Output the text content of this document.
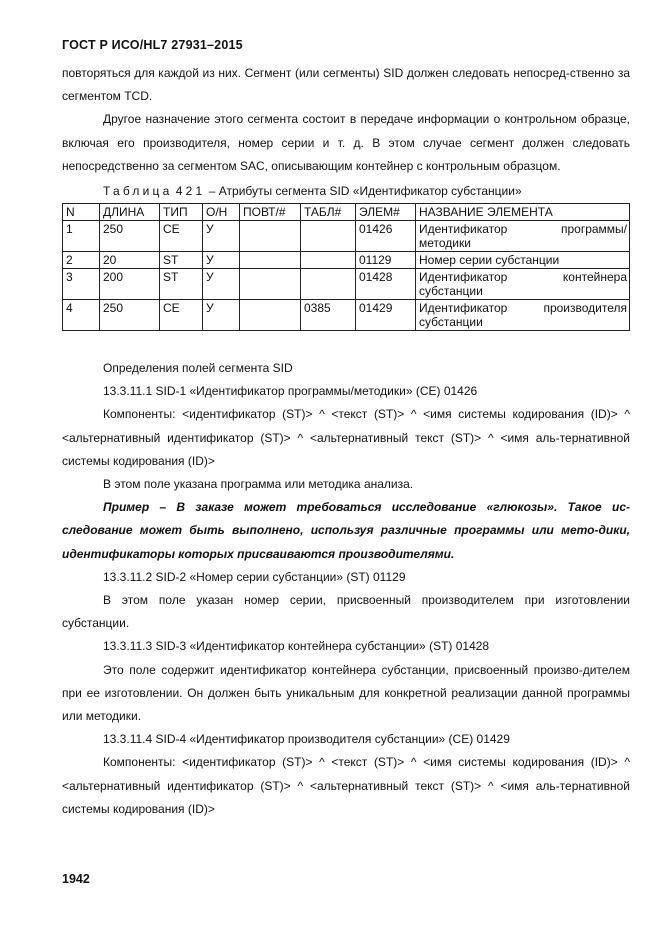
ГОСТ Р ИСО/HL7 27931–2015

повторяться для каждой из них. Сегмент (или сегменты) SID должен следовать непосред-ственно за сегментом TCD.

Другое назначение этого сегмента состоит в передаче информации о контрольном образце, включая его производителя, номер серии и т. д. В этом случае сегмент должен следовать непосредственно за сегментом SAC, описывающим контейнер с контрольным образцом.

Таблица 421 – Атрибуты сегмента SID «Идентификатор субстанции»

N	ДЛИНА	ТИП	О/Н	ПОВТ/#	ТАБЛ#	ЭЛЕМ#	НАЗВАНИЕ ЭЛЕМЕНТА
1	250	CE	У			01426	Идентификатор программы/методики
2	20	ST	У			01129	Номер серии субстанции
3	200	ST	У			01428	Идентификатор контейнера субстанции
4	250	CE	У		0385	01429	Идентификатор производителя субстанции

Определения полей сегмента SID

13.3.11.1 SID-1 «Идентификатор программы/методики» (CE) 01426

Компоненты: <идентификатор (ST)> ^ <текст (ST)> ^ <имя системы кодирования (ID)> ^ <альтернативный идентификатор (ST)> ^ <альтернативный текст (ST)> ^ <имя аль-тернативной системы кодирования (ID)>

В этом поле указана программа или методика анализа.

Пример – В заказе может требоваться исследование «глюкозы». Такое ис-следование может быть выполнено, используя различные программы или мето-дики, идентификаторы которых присваиваются производителями.

13.3.11.2 SID-2 «Номер серии субстанции» (ST) 01129

В этом поле указан номер серии, присвоенный производителем при изготовлении субстанции.

13.3.11.3 SID-3 «Идентификатор контейнера субстанции» (ST) 01428

Это поле содержит идентификатор контейнера субстанции, присвоенный произво-дителем при ее изготовлении. Он должен быть уникальным для конкретной реализации данной программы или методики.

13.3.11.4 SID-4 «Идентификатор производителя субстанции» (CE) 01429

Компоненты: <идентификатор (ST)> ^ <текст (ST)> ^ <имя системы кодирования (ID)> ^ <альтернативный идентификатор (ST)> ^ <альтернативный текст (ST)> ^ <имя аль-тернативной системы кодирования (ID)>

1942
